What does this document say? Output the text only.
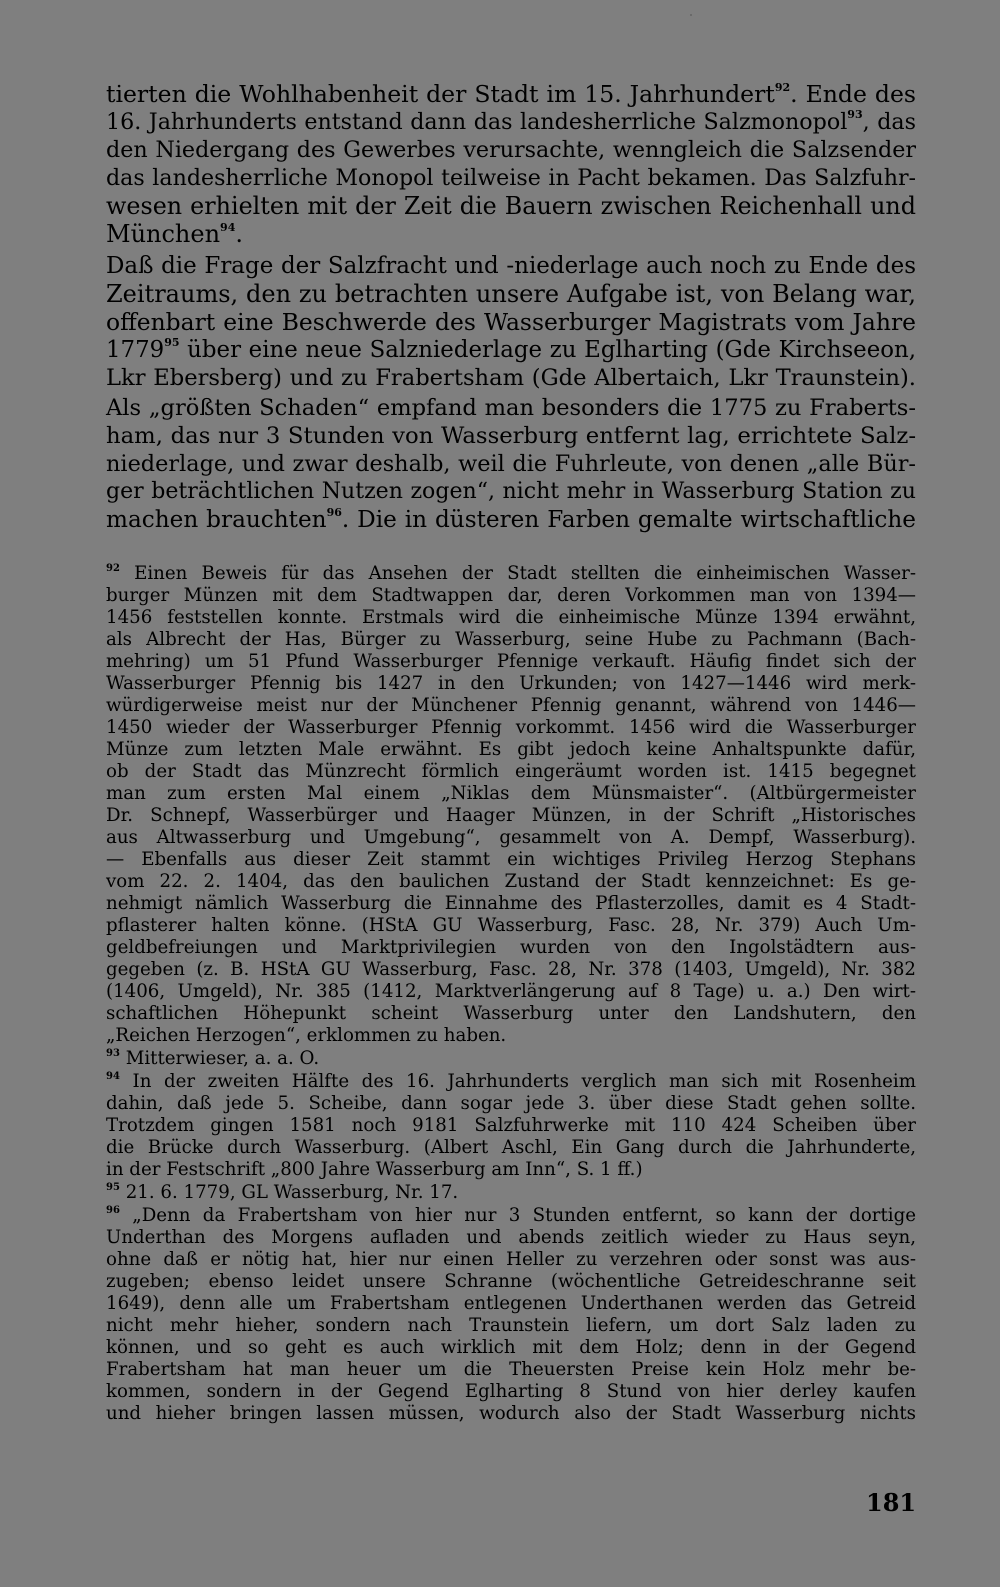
tierten die Wohlhabenheit der Stadt im 15. Jahrhundert$^{92}$. Ende des
16. Jahrhunderts entstand dann das landesherrliche Salzmonopol$^{93}$, das
den Niedergang des Gewerbes verursachte, wenngleich die Salzsender
das landesherrliche Monopol teilweise in Pacht bekamen. Das Salzfuhr-
wesen erhielten mit der Zeit die Bauern zwischen Reichenhall und
München$^{94}$.
Daß die Frage der Salzfracht und -niederlage auch noch zu Ende des
Zeitraums, den zu betrachten unsere Aufgabe ist, von Belang war,
offenbart eine Beschwerde des Wasserburger Magistrats vom Jahre
1779$^{95}$ über eine neue Salzniederlage zu Eglharting (Gde Kirchseeon,
Lkr Ebersberg) und zu Frabertsham (Gde Albertaich, Lkr Traunstein).
Als „größten Schaden“ empfand man besonders die 1775 zu Fraberts-
ham, das nur 3 Stunden von Wasserburg entfernt lag, errichtete Salz-
niederlage, und zwar deshalb, weil die Fuhrleute, von denen „alle Bür-
ger beträchtlichen Nutzen zogen“, nicht mehr in Wasserburg Station zu
machen brauchten$^{96}$. Die in düsteren Farben gemalte wirtschaftliche
$^{92}$ Einen Beweis für das Ansehen der Stadt stellten die einheimischen Wasser-
burger Münzen mit dem Stadtwappen dar, deren Vorkommen man von 1394—
1456 feststellen konnte. Erstmals wird die einheimische Münze 1394 erwähnt,
als Albrecht der Has, Bürger zu Wasserburg, seine Hube zu Pachmann (Bach-
mehring) um 51 Pfund Wasserburger Pfennige verkauft. Häufig findet sich der
Wasserburger Pfennig bis 1427 in den Urkunden; von 1427—1446 wird merk-
würdigerweise meist nur der Münchener Pfennig genannt, während von 1446—
1450 wieder der Wasserburger Pfennig vorkommt. 1456 wird die Wasserburger
Münze zum letzten Male erwähnt. Es gibt jedoch keine Anhaltspunkte dafür,
ob der Stadt das Münzrecht förmlich eingeräumt worden ist. 1415 begegnet
man zum ersten Mal einem „Niklas dem Münsmaister“. (Altbürgermeister
Dr. Schnepf, Wasserbürger und Haager Münzen, in der Schrift „Historisches
aus Altwasserburg und Umgebung“, gesammelt von A. Dempf, Wasserburg).
— Ebenfalls aus dieser Zeit stammt ein wichtiges Privileg Herzog Stephans
vom 22. 2. 1404, das den baulichen Zustand der Stadt kennzeichnet: Es ge-
nehmigt nämlich Wasserburg die Einnahme des Pflasterzolles, damit es 4 Stadt-
pflasterer halten könne. (HStA GU Wasserburg, Fasc. 28, Nr. 379) Auch Um-
geldbefreiungen und Marktprivilegien wurden von den Ingolstädtern aus-
gegeben (z. B. HStA GU Wasserburg, Fasc. 28, Nr. 378 (1403, Umgeld), Nr. 382
(1406, Umgeld), Nr. 385 (1412, Marktverlängerung auf 8 Tage) u. a.) Den wirt-
schaftlichen Höhepunkt scheint Wasserburg unter den Landshutern, den
„Reichen Herzogen“, erklommen zu haben.
$^{93}$ Mitterwieser, a. a. O.
$^{94}$ In der zweiten Hälfte des 16. Jahrhunderts verglich man sich mit Rosenheim
dahin, daß jede 5. Scheibe, dann sogar jede 3. über diese Stadt gehen sollte.
Trotzdem gingen 1581 noch 9181 Salzfuhrwerke mit 110 424 Scheiben über
die Brücke durch Wasserburg. (Albert Aschl, Ein Gang durch die Jahrhunderte,
in der Festschrift „800 Jahre Wasserburg am Inn“, S. 1 ff.)
$^{95}$ 21. 6. 1779, GL Wasserburg, Nr. 17.
$^{96}$ „Denn da Frabertsham von hier nur 3 Stunden entfernt, so kann der dortige
Underthan des Morgens aufladen und abends zeitlich wieder zu Haus seyn,
ohne daß er nötig hat, hier nur einen Heller zu verzehren oder sonst was aus-
zugeben; ebenso leidet unsere Schranne (wöchentliche Getreideschranne seit
1649), denn alle um Frabertsham entlegenen Underthanen werden das Getreid
nicht mehr hieher, sondern nach Traunstein liefern, um dort Salz laden zu
können, und so geht es auch wirklich mit dem Holz; denn in der Gegend
Frabertsham hat man heuer um die Theuersten Preise kein Holz mehr be-
kommen, sondern in der Gegend Eglharting 8 Stund von hier derley kaufen
und hieher bringen lassen müssen, wodurch also der Stadt Wasserburg nichts
181
